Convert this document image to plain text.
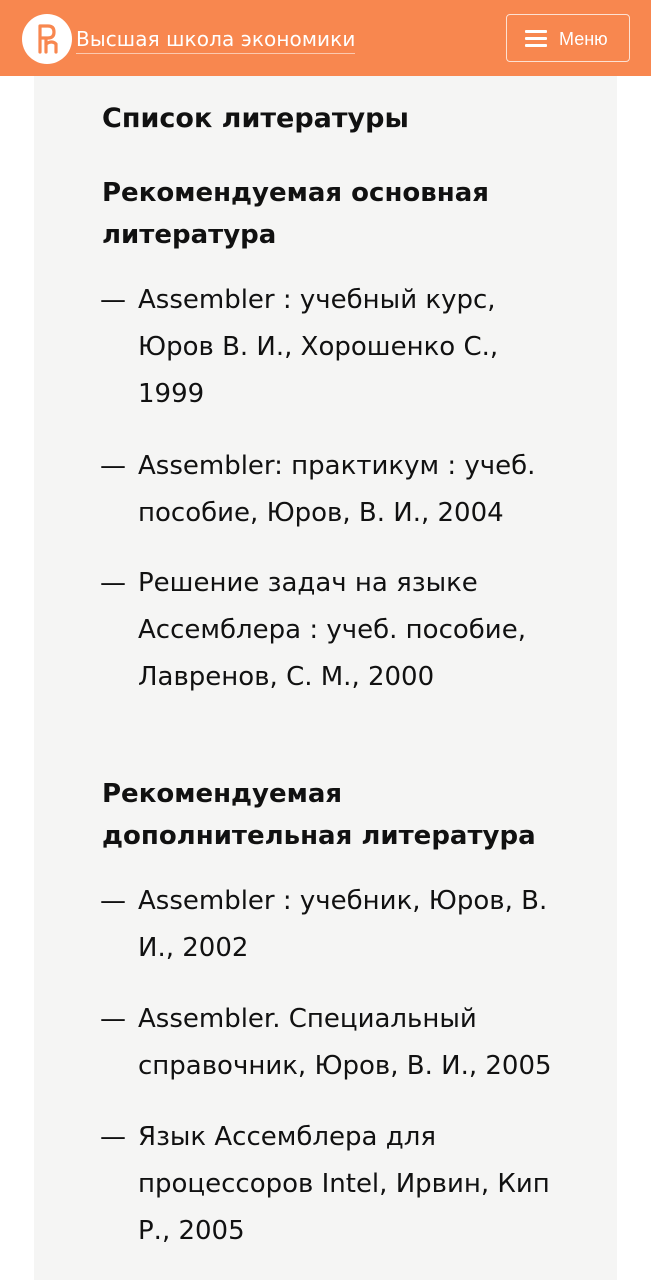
Высшая школа экономики	Меню
Список литературы
Рекомендуемая основная литература
— Assembler : учебный курс, Юров В. И., Хорошенко С., 1999
— Assembler: практикум : учеб. пособие, Юров, В. И., 2004
— Решение задач на языке Ассемблера : учеб. пособие, Лавренов, С. М., 2000
Рекомендуемая дополнительная литература
— Assembler : учебник, Юров, В. И., 2002
— Assembler. Специальный справочник, Юров, В. И., 2005
— Язык Ассемблера для процессоров Intel, Ирвин, Кип Р., 2005
